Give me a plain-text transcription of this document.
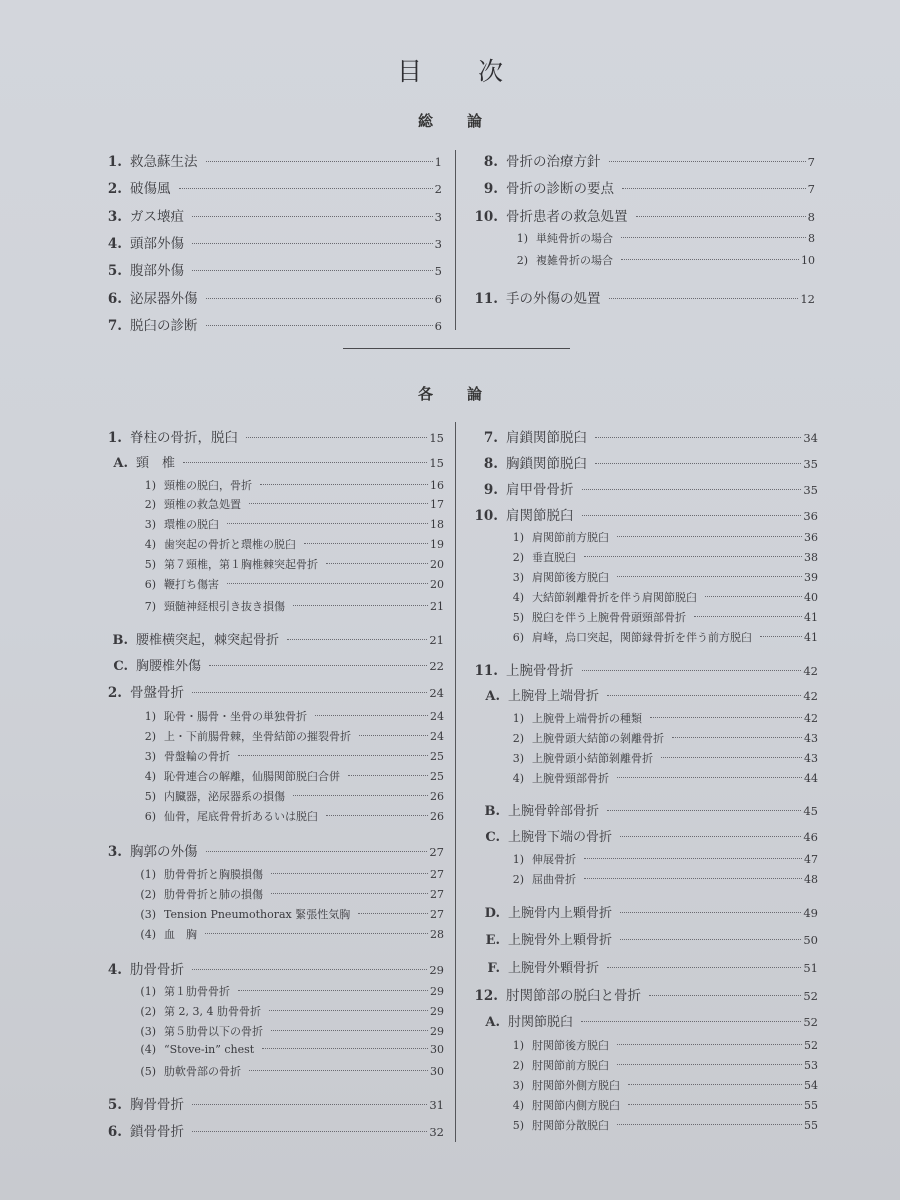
目次
総論
1. 救急蘇生法	1
2. 破傷風	2
3. ガス壊疽	3
4. 頭部外傷	3
5. 腹部外傷	5
6. 泌尿器外傷	6
7. 脱臼の診断	6
8. 骨折の治療方針	7
9. 骨折の診断の要点	7
10. 骨折患者の救急処置	8
1) 単純骨折の場合	8
2) 複雑骨折の場合	10
11. 手の外傷の処置	12
各論
1. 脊柱の骨折，脱臼	15
A. 頸　椎	15
1) 頸椎の脱臼，骨折	16
2) 頸椎の救急処置	17
3) 環椎の脱臼	18
4) 歯突起の骨折と環椎の脱臼	19
5) 第７頸椎，第１胸椎棘突起骨折	20
6) 鞭打ち傷害	20
7) 頸髄神経根引き抜き損傷	21
B. 腰椎横突起，棘突起骨折	21
C. 胸腰椎外傷	22
2. 骨盤骨折	24
1) 恥骨・腸骨・坐骨の単独骨折	24
2) 上・下前腸骨棘，坐骨結節の摧裂骨折	24
3) 骨盤輪の骨折	25
4) 恥骨連合の解離，仙腸関節脱臼合併	25
5) 内臓器，泌尿器系の損傷	26
6) 仙骨，尾底骨骨折あるいは脱臼	26
3. 胸郭の外傷	27
(1) 肋骨骨折と胸膜損傷	27
(2) 肋骨骨折と肺の損傷	27
(3) Tension Pneumothorax 緊張性気胸	27
(4) 血　胸	28
4. 肋骨骨折	29
(1) 第１肋骨骨折	29
(2) 第 2, 3, 4 肋骨骨折	29
(3) 第５肋骨以下の骨折	29
(4) “Stove-in” chest	30
(5) 肋軟骨部の骨折	30
5. 胸骨骨折	31
6. 鎖骨骨折	32
7. 肩鎖関節脱臼	34
8. 胸鎖関節脱臼	35
9. 肩甲骨骨折	35
10. 肩関節脱臼	36
1) 肩関節前方脱臼	36
2) 垂直脱臼	38
3) 肩関節後方脱臼	39
4) 大結節剝離骨折を伴う肩関節脱臼	40
5) 脱臼を伴う上腕骨骨頭頸部骨折	41
6) 肩峰，烏口突起，関節縁骨折を伴う前方脱臼	41
11. 上腕骨骨折	42
A. 上腕骨上端骨折	42
1) 上腕骨上端骨折の種類	42
2) 上腕骨頭大結節の剝離骨折	43
3) 上腕骨頭小結節剝離骨折	43
4) 上腕骨頸部骨折	44
B. 上腕骨幹部骨折	45
C. 上腕骨下端の骨折	46
1) 伸展骨折	47
2) 屈曲骨折	48
D. 上腕骨内上顆骨折	49
E. 上腕骨外上顆骨折	50
F. 上腕骨外顆骨折	51
12. 肘関節部の脱臼と骨折	52
A. 肘関節脱臼	52
1) 肘関節後方脱臼	52
2) 肘関節前方脱臼	53
3) 肘関節外側方脱臼	54
4) 肘関節内側方脱臼	55
5) 肘関節分散脱臼	55
